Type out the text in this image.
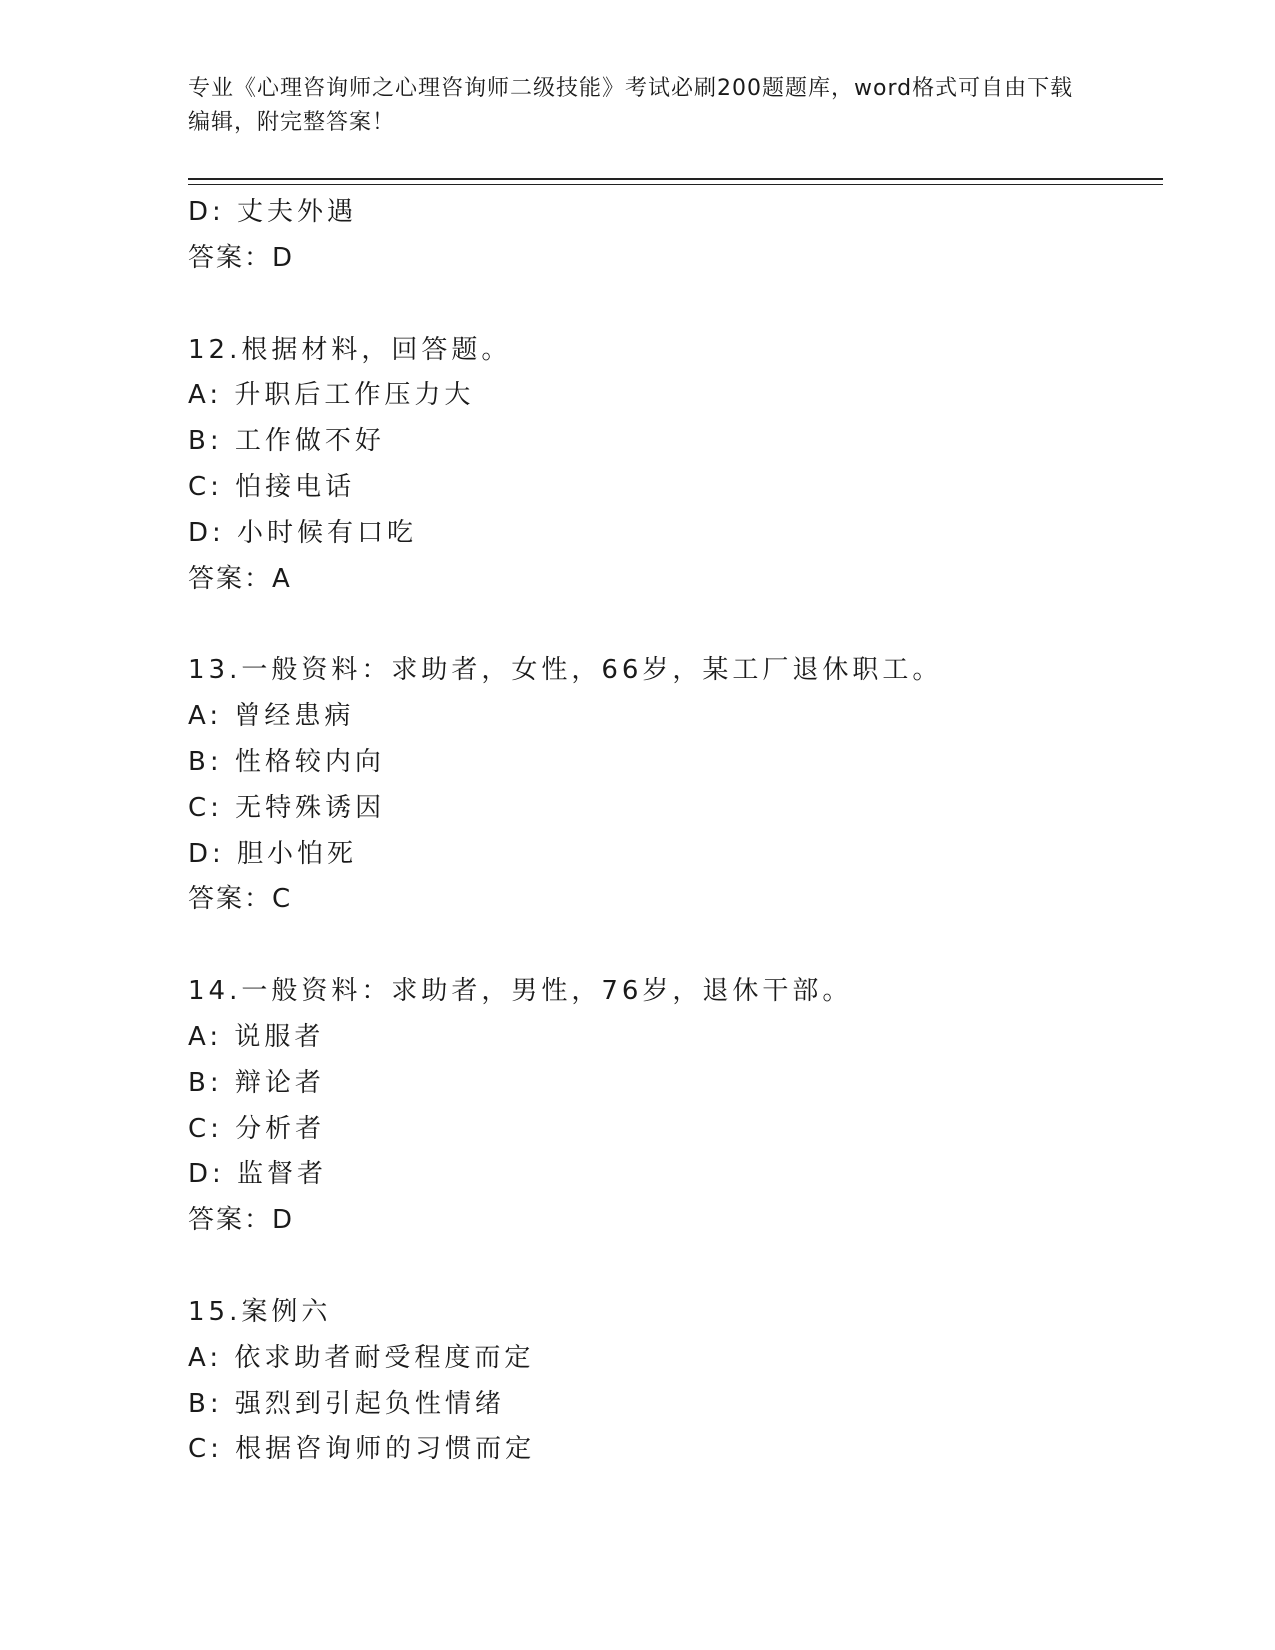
专业《心理咨询师之心理咨询师二级技能》考试必刷200题题库，word格式可自由下载编辑，附完整答案！
D: 丈夫外遇
答案：D
12.根据材料，回答题。
A: 升职后工作压力大
B: 工作做不好
C: 怕接电话
D: 小时候有口吃
答案：A
13.一般资料：求助者，女性，66岁，某工厂退休职工。
A: 曾经患病
B: 性格较内向
C: 无特殊诱因
D: 胆小怕死
答案：C
14.一般资料：求助者，男性，76岁，退休干部。
A: 说服者
B: 辩论者
C: 分析者
D: 监督者
答案：D
15.案例六
A: 依求助者耐受程度而定
B: 强烈到引起负性情绪
C: 根据咨询师的习惯而定
